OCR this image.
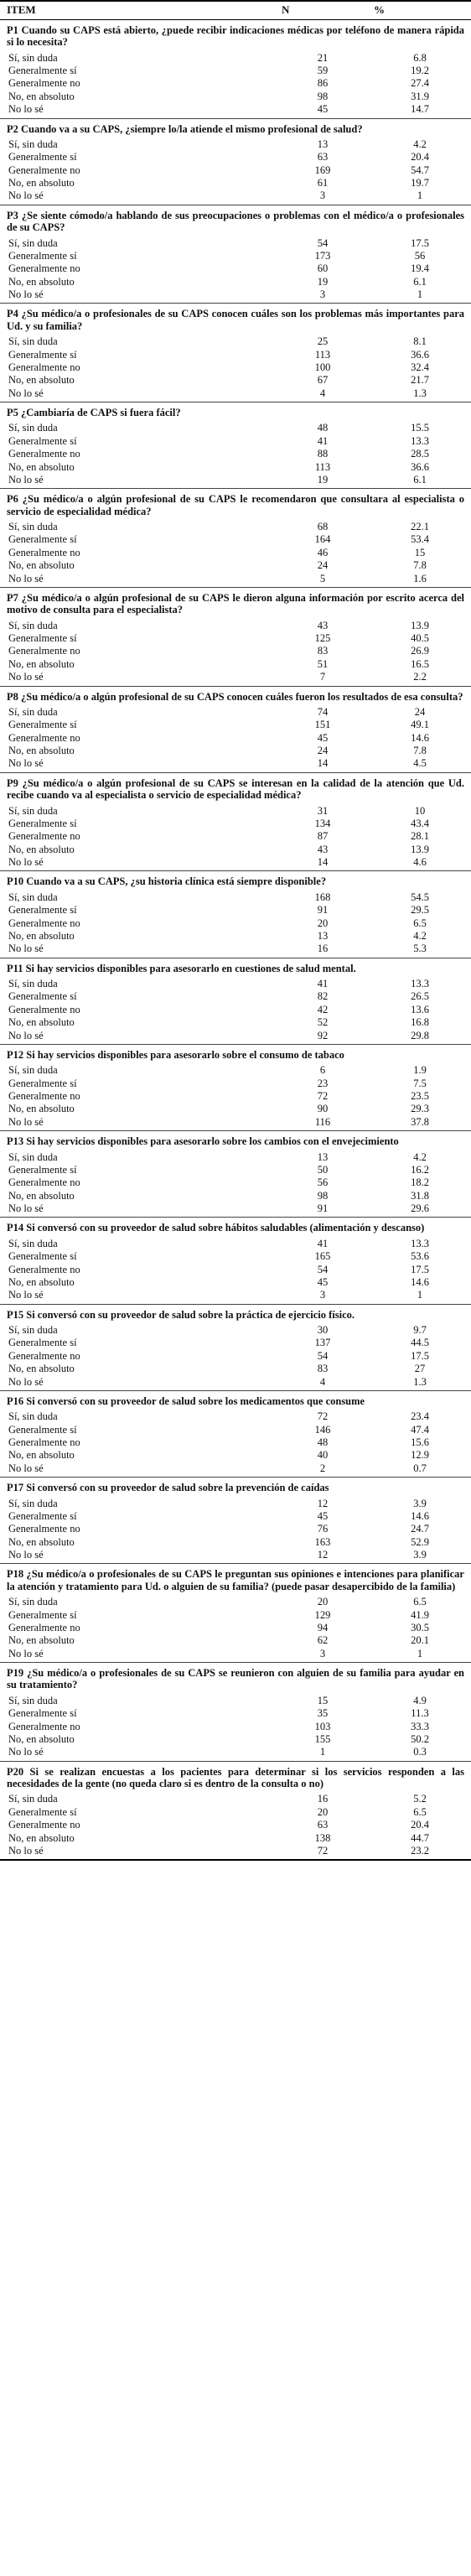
ITEM	N	%
P1 Cuando su CAPS está abierto, ¿puede recibir indicaciones médicas por teléfono de manera rápida si lo necesita?		
Sí, sin duda	21	6.8
Generalmente sí	59	19.2
Generalmente no	86	27.4
No, en absoluto	98	31.9
No lo sé	45	14.7
P2 Cuando va a su CAPS, ¿siempre lo/la atiende el mismo profesional de salud?		
Sí, sin duda	13	4.2
Generalmente sí	63	20.4
Generalmente no	169	54.7
No, en absoluto	61	19.7
No lo sé	3	1
P3 ¿Se siente cómodo/a hablando de sus preocupaciones o problemas con el médico/a o profesionales de su CAPS?		
Sí, sin duda	54	17.5
Generalmente sí	173	56
Generalmente no	60	19.4
No, en absoluto	19	6.1
No lo sé	3	1
P4 ¿Su médico/a o profesionales de su CAPS conocen cuáles son los problemas más importantes para Ud. y su familia?		
Sí, sin duda	25	8.1
Generalmente sí	113	36.6
Generalmente no	100	32.4
No, en absoluto	67	21.7
No lo sé	4	1.3
P5 ¿Cambiaría de CAPS si fuera fácil?		
Sí, sin duda	48	15.5
Generalmente sí	41	13.3
Generalmente no	88	28.5
No, en absoluto	113	36.6
No lo sé	19	6.1
P6 ¿Su médico/a o algún profesional de su CAPS le recomendaron que consultara al especialista o servicio de especialidad médica?		
Sí, sin duda	68	22.1
Generalmente sí	164	53.4
Generalmente no	46	15
No, en absoluto	24	7.8
No lo sé	5	1.6
P7 ¿Su médico/a o algún profesional de su CAPS le dieron alguna información por escrito acerca del motivo de consulta para el especialista?		
Sí, sin duda	43	13.9
Generalmente sí	125	40.5
Generalmente no	83	26.9
No, en absoluto	51	16.5
No lo sé	7	2.2
P8 ¿Su médico/a o algún profesional de su CAPS conocen cuáles fueron los resultados de esa consulta?		
Sí, sin duda	74	24
Generalmente sí	151	49.1
Generalmente no	45	14.6
No, en absoluto	24	7.8
No lo sé	14	4.5
P9 ¿Su médico/a o algún profesional de su CAPS se interesan en la calidad de la atención que Ud. recibe cuando va al especialista o servicio de especialidad médica?		
Sí, sin duda	31	10
Generalmente sí	134	43.4
Generalmente no	87	28.1
No, en absoluto	43	13.9
No lo sé	14	4.6
P10 Cuando va a su CAPS, ¿su historia clínica está siempre disponible?		
Sí, sin duda	168	54.5
Generalmente sí	91	29.5
Generalmente no	20	6.5
No, en absoluto	13	4.2
No lo sé	16	5.3
P11 Si hay servicios disponibles para asesorarlo en cuestiones de salud mental.		
Sí, sin duda	41	13.3
Generalmente sí	82	26.5
Generalmente no	42	13.6
No, en absoluto	52	16.8
No lo sé	92	29.8
P12 Si hay servicios disponibles para asesorarlo sobre el consumo de tabaco		
Sí, sin duda	6	1.9
Generalmente sí	23	7.5
Generalmente no	72	23.5
No, en absoluto	90	29.3
No lo sé	116	37.8
P13 Si hay servicios disponibles para asesorarlo sobre los cambios con el envejecimiento		
Sí, sin duda	13	4.2
Generalmente sí	50	16.2
Generalmente no	56	18.2
No, en absoluto	98	31.8
No lo sé	91	29.6
P14 Si conversó con su proveedor de salud sobre hábitos saludables (alimentación y descanso)		
Sí, sin duda	41	13.3
Generalmente sí	165	53.6
Generalmente no	54	17.5
No, en absoluto	45	14.6
No lo sé	3	1
P15 Si conversó con su proveedor de salud sobre la práctica de ejercicio físico.		
Sí, sin duda	30	9.7
Generalmente sí	137	44.5
Generalmente no	54	17.5
No, en absoluto	83	27
No lo sé	4	1.3
P16 Si conversó con su proveedor de salud sobre los medicamentos que consume		
Sí, sin duda	72	23.4
Generalmente sí	146	47.4
Generalmente no	48	15.6
No, en absoluto	40	12.9
No lo sé	2	0.7
P17 Si conversó con su proveedor de salud sobre la prevención de caídas		
Sí, sin duda	12	3.9
Generalmente sí	45	14.6
Generalmente no	76	24.7
No, en absoluto	163	52.9
No lo sé	12	3.9
P18 ¿Su médico/a o profesionales de su CAPS le preguntan sus opiniones e intenciones para planificar la atención y tratamiento para Ud. o alguien de su familia? (puede pasar desapercibido de la familia)		
Sí, sin duda	20	6.5
Generalmente sí	129	41.9
Generalmente no	94	30.5
No, en absoluto	62	20.1
No lo sé	3	1
P19 ¿Su médico/a o profesionales de su CAPS se reunieron con alguien de su familia para ayudar en su tratamiento?		
Sí, sin duda	15	4.9
Generalmente sí	35	11.3
Generalmente no	103	33.3
No, en absoluto	155	50.2
No lo sé	1	0.3
P20 Si se realizan encuestas a los pacientes para determinar si los servicios responden a las necesidades de la gente (no queda claro si es dentro de la consulta o no)		
Sí, sin duda	16	5.2
Generalmente sí	20	6.5
Generalmente no	63	20.4
No, en absoluto	138	44.7
No lo sé	72	23.2
